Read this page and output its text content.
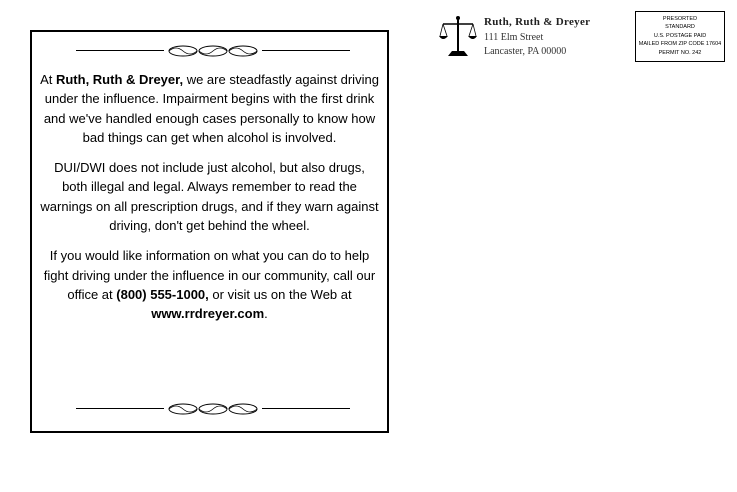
At Ruth, Ruth & Dreyer, we are steadfastly against driving under the influence. Impairment begins with the first drink and we've handled enough cases personally to know how bad things can get when alcohol is involved.

DUI/DWI does not include just alcohol, but also drugs, both illegal and legal. Always remember to read the warnings on all prescription drugs, and if they warn against driving, don't get behind the wheel.

If you would like information on what you can do to help fight driving under the influence in our community, call our office at (800) 555-1000, or visit us on the Web at www.rrdreyer.com.

Ruth, Ruth & Dreyer
111 Elm Street
Lancaster, PA 00000
PRESORTED
STANDARD
U.S. POSTAGE PAID
MAILED FROM ZIP CODE 17604
PERMIT NO. 242
